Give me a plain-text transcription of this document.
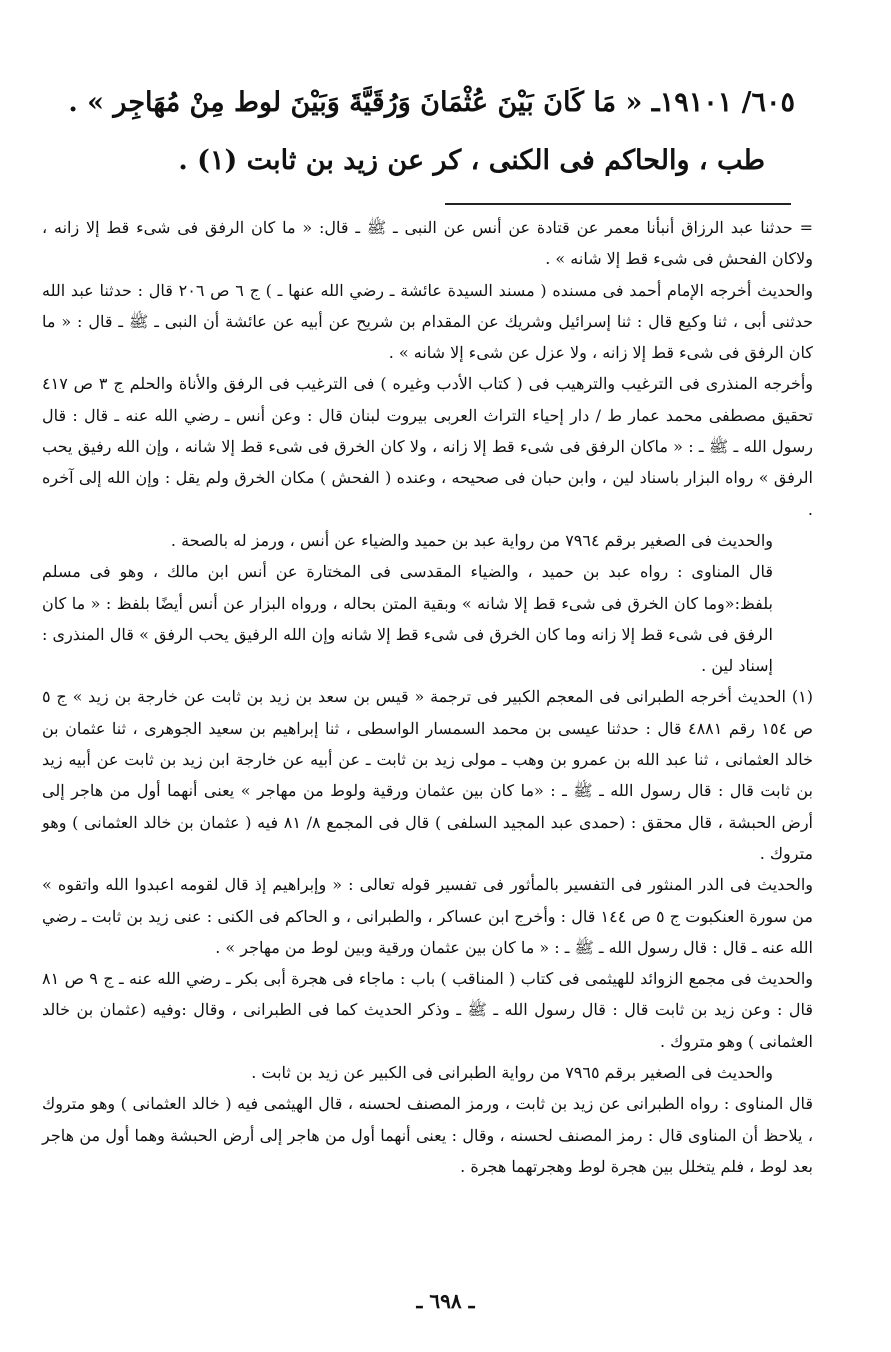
٦٠٥/ ١٩١٠١ـ « مَا كَانَ بَيْنَ عُثْمَانَ وَرُقَيَّةَ وَبَيْنَ لوط مِنْ مُهَاجِر » .

طب ، والحاكم فى الكنى ، كر عن زيد بن ثابت (١) .

= حدثنا عبد الرزاق أنبأنا معمر عن قتادة عن أنس عن النبى ـ ﷺ ـ قال: « ما كان الرفق فى شىء قط إلا زانه ، ولاكان الفحش فى شىء قط إلا شانه » .

والحديث أخرجه الإمام أحمد فى مسنده ( مسند السيدة عائشة ـ رضي الله عنها ـ ) ج ٦ ص ٢٠٦ قال : حدثنا عبد الله حدثنى أبى ، ثنا وكيع قال : ثنا إسرائيل وشريك عن المقدام بن شريح عن أبيه عن عائشة أن النبى ـ ﷺ ـ قال : « ما كان الرفق فى شىء قط إلا زانه ، ولا عزل عن شىء إلا شانه » .

وأخرجه المنذرى فى الترغيب والترهيب فى ( كتاب الأدب وغيره ) فى الترغيب فى الرفق والأناة والحلم ج ٣ ص ٤١٧ تحقيق مصطفى محمد عمار ط / دار إحياء التراث العربى بيروت لبنان قال : وعن أنس ـ رضي الله عنه ـ قال : قال رسول الله ـ ﷺ ـ : « ماكان الرفق فى شىء قط إلا زانه ، ولا كان الخرق فى شىء قط إلا شانه ، وإن الله رفيق يحب الرفق » رواه البزار باسناد لين ، وابن حبان فى صحيحه ، وعنده ( الفحش ) مكان الخرق ولم يقل : وإن الله إلى آخره .

والحديث فى الصغير برقم ٧٩٦٤ من رواية عبد بن حميد والضياء عن أنس ، ورمز له بالصحة .

قال المناوى : رواه عبد بن حميد ، والضياء المقدسى فى المختارة عن أنس ابن مالك ، وهو فى مسلم بلفظ:«وما كان الخرق فى شىء قط إلا شانه » وبقية المتن بحاله ، ورواه البزار عن أنس أيضًا بلفظ : « ما كان الرفق فى شىء قط إلا زانه وما كان الخرق فى شىء قط إلا شانه وإن الله الرفيق يحب الرفق » قال المنذرى : إسناد لين .

(١)الحديث أخرجه الطبرانى فى المعجم الكبير فى ترجمة « قيس بن سعد بن زيد بن ثابت عن خارجة بن زيد » ج ٥ ص ١٥٤ رقم ٤٨٨١ قال : حدثنا عيسى بن محمد السمسار الواسطى ، ثنا إبراهيم بن سعيد الجوهرى ، ثنا عثمان بن خالد العثمانى ، ثنا عبد الله بن عمرو بن وهب ـ مولى زيد بن ثابت ـ عن أبيه عن خارجة ابن زيد بن ثابت عن أبيه زيد بن ثابت قال : قال رسول الله ـ ﷺ ـ : «ما كان بين عثمان ورقية ولوط من مهاجر » يعنى أنهما أول من هاجر إلى أرض الحبشة ، قال محقق : (حمدى عبد المجيد السلفى ) قال فى المجمع ٨/ ٨١ فيه ( عثمان بن خالد العثمانى ) وهو متروك .

والحديث فى الدر المنثور فى التفسير بالمأثور فى تفسير قوله تعالى : « وإبراهيم إذ قال لقومه اعبدوا الله واتقوه » من سورة العنكبوت ج ٥ ص ١٤٤ قال : وأخرج ابن عساكر ، والطبرانى ، و الحاكم فى الكنى : عنى زيد بن ثابت ـ رضي الله عنه ـ قال : قال رسول الله ـ ﷺ ـ : « ما كان بين عثمان ورقية وبين لوط من مهاجر » .

والحديث فى مجمع الزوائد للهيثمى فى كتاب ( المناقب ) باب : ماجاء فى هجرة أبى بكر ـ رضي الله عنه ـ ج ٩ ص ٨١ قال : وعن زيد بن ثابت قال : قال رسول الله ـ ﷺ ـ وذكر الحديث كما فى الطبرانى ، وقال :وفيه (عثمان بن خالد العثمانى ) وهو متروك .

والحديث فى الصغير برقم ٧٩٦٥ من رواية الطبرانى فى الكبير عن زيد بن ثابت .

قال المناوى : رواه الطبرانى عن زيد بن ثابت ، ورمز المصنف لحسنه ، قال الهيثمى فيه ( خالد العثمانى ) وهو متروك ، يلاحظ أن المناوى قال : رمز المصنف لحسنه ، وقال : يعنى أنهما أول من هاجر إلى أرض الحبشة وهما أول من هاجر بعد لوط ، فلم يتخلل بين هجرة لوط وهجرتهما هجرة .

ـ ٦٩٨ ـ
